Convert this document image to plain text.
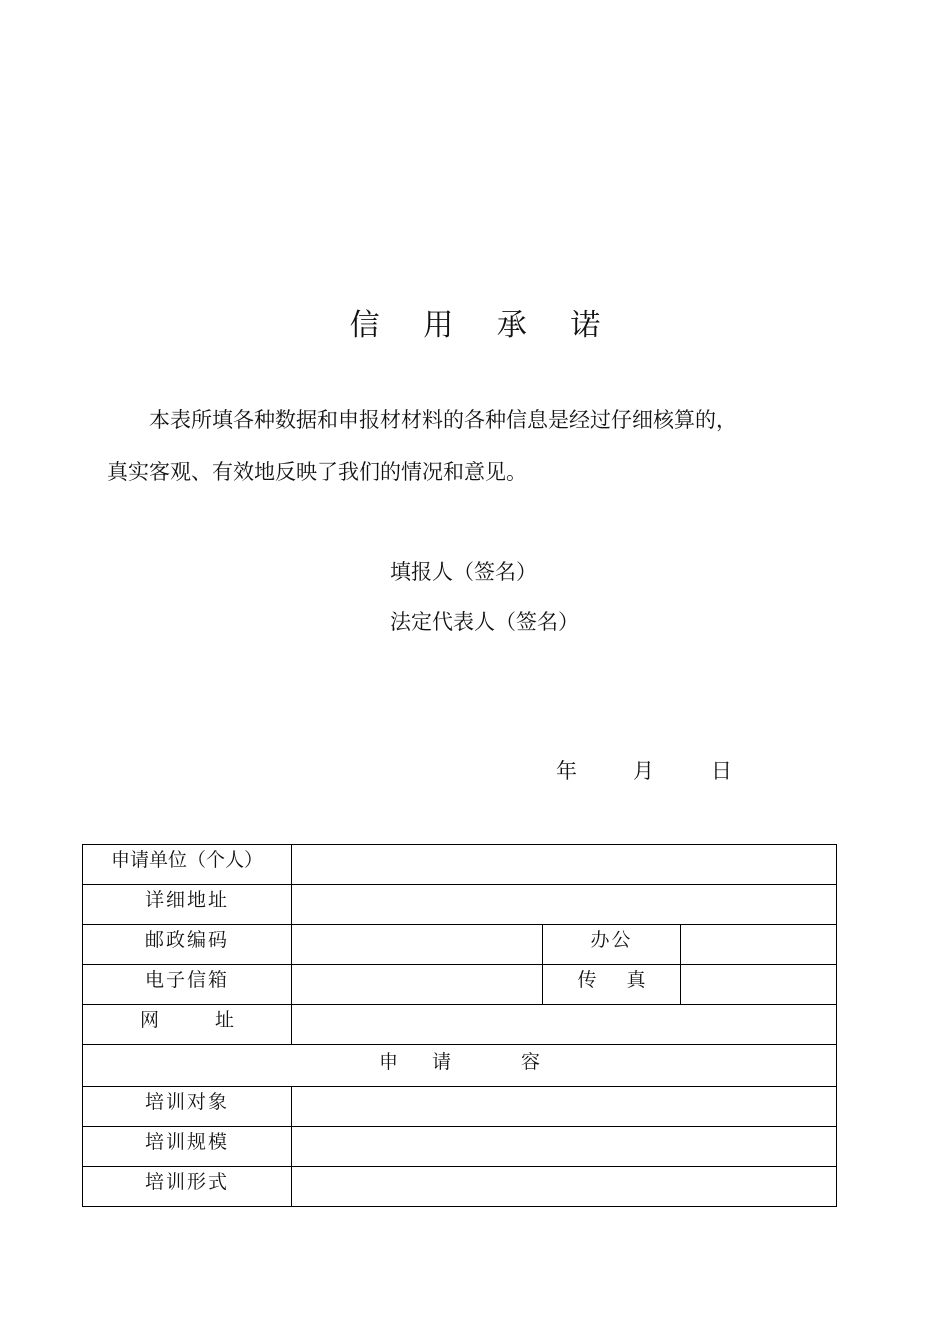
信 用 承 诺
本表所填各种数据和申报材材料的各种信息是经过仔细核算的，
真实客观、有效地反映了我们的情况和意见。
填报人（签名）
法定代表人（签名）
年	月	日
申请单位（个人）			
详细地址			
邮政编码		办公	
电子信箱		传 真	
网 址			
申 请 容			
培训对象			
培训规模			
培训形式			
